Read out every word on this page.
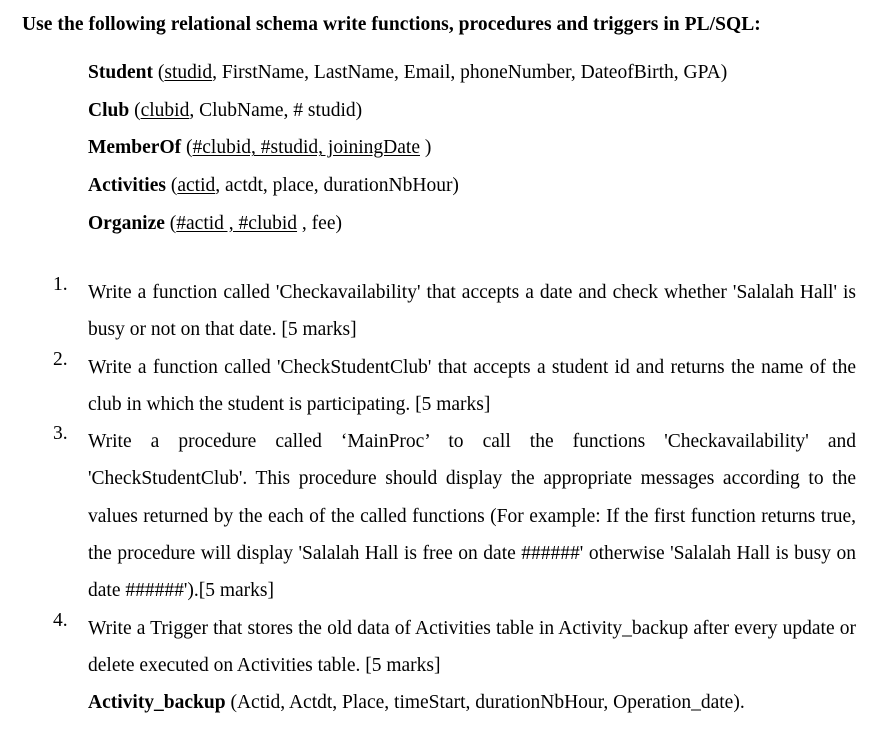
Use the following relational schema write functions, procedures and triggers in PL/SQL:
Student (studid, FirstName, LastName, Email, phoneNumber, DateofBirth, GPA)
Club (clubid, ClubName, # studid)
MemberOf (#clubid, #studid, joiningDate )
Activities (actid, actdt, place, durationNbHour)
Organize (#actid , #clubid , fee)
1.	Write a function called 'Checkavailability' that accepts a date and check whether 'Salalah Hall' is busy or not on that date. [5 marks]
2.	Write a function called 'CheckStudentClub' that accepts a student id and returns the name of the club in which the student is participating. [5 marks]
3.	Write a procedure called ‘MainProc’ to call the functions 'Checkavailability' and 'CheckStudentClub'. This procedure should display the appropriate messages according to the values returned by the each of the called functions (For example: If the first function returns true, the procedure will display 'Salalah Hall is free on date ######' otherwise 'Salalah Hall is busy on date ######').[5 marks]
4.	Write a Trigger that stores the old data of Activities table in Activity_backup after every update or delete executed on Activities table. [5 marks]
Activity_backup (Actid, Actdt, Place, timeStart, durationNbHour, Operation_date).
